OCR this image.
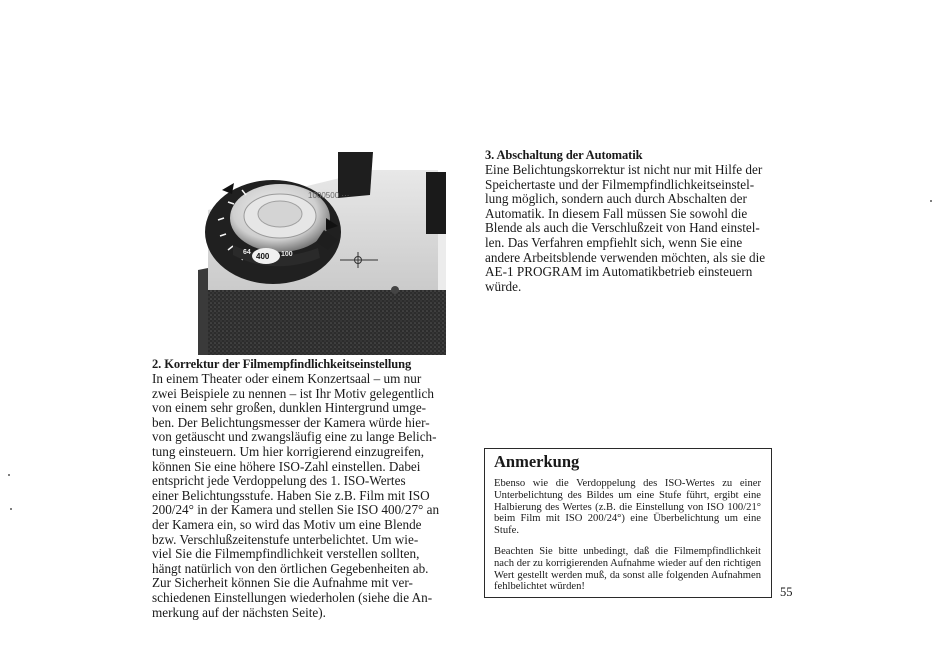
64 400 100
1000500 ···

2. Korrektur der Filmempfindlichkeitseinstellung

In einem Theater oder einem Konzertsaal – um nur
zwei Beispiele zu nennen – ist Ihr Motiv gelegentlich
von einem sehr großen, dunklen Hintergrund umge-
ben. Der Belichtungsmesser der Kamera würde hier-
von getäuscht und zwangsläufig eine zu lange Belich-
tung einsteuern. Um hier korrigierend einzugreifen,
können Sie eine höhere ISO-Zahl einstellen. Dabei
entspricht jede Verdoppelung des 1. ISO-Wertes
einer Belichtungsstufe. Haben Sie z.B. Film mit ISO
200/24° in der Kamera und stellen Sie ISO 400/27° an
der Kamera ein, so wird das Motiv um eine Blende
bzw. Verschlußzeitenstufe unterbelichtet. Um wie-
viel Sie die Filmempfindlichkeit verstellen sollten,
hängt natürlich von den örtlichen Gegebenheiten ab.
Zur Sicherheit können Sie die Aufnahme mit ver-
schiedenen Einstellungen wiederholen (siehe die An-
merkung auf der nächsten Seite).

3. Abschaltung der Automatik

Eine Belichtungskorrektur ist nicht nur mit Hilfe der
Speichertaste und der Filmempfindlichkeitseinstel-
lung möglich, sondern auch durch Abschalten der
Automatik. In diesem Fall müssen Sie sowohl die
Blende als auch die Verschlußzeit von Hand einstel-
len. Das Verfahren empfiehlt sich, wenn Sie eine
andere Arbeitsblende verwenden möchten, als sie die
AE-1 PROGRAM im Automatikbetrieb einsteuern
würde.

Anmerkung

Ebenso wie die Verdoppelung des ISO-Wertes zu einer Unterbelichtung des Bildes um eine Stufe führt, ergibt eine Halbierung des Wertes (z.B. die Einstellung von ISO 100/21° beim Film mit ISO 200/24°) eine Überbelichtung um eine Stufe.

Beachten Sie bitte unbedingt, daß die Filmempfindlichkeit nach der zu korrigierenden Aufnahme wieder auf den richtigen Wert gestellt werden muß, da sonst alle folgenden Aufnahmen fehlbelichtet würden!	55
